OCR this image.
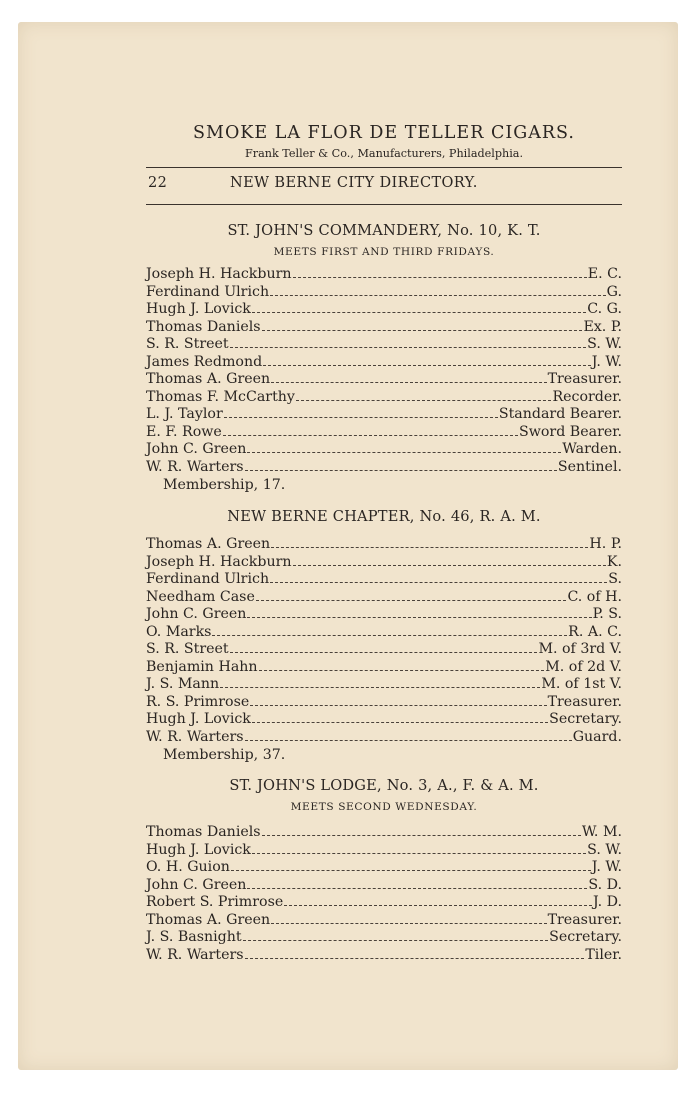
SMOKE LA FLOR DE TELLER CIGARS.
Frank Teller & Co., Manufacturers, Philadelphia.
22	NEW BERNE CITY DIRECTORY.
ST. JOHN'S COMMANDERY, No. 10, K. T.
MEETS FIRST AND THIRD FRIDAYS.
Joseph H. Hackburn	E. C.
Ferdinand Ulrich	G.
Hugh J. Lovick	C. G.
Thomas Daniels	Ex. P.
S. R. Street	S. W.
James Redmond	J. W.
Thomas A. Green	Treasurer.
Thomas F. McCarthy	Recorder.
L. J. Taylor	Standard Bearer.
E. F. Rowe	Sword Bearer.
John C. Green	Warden.
W. R. Warters	Sentinel.
Membership, 17.
NEW BERNE CHAPTER, No. 46, R. A. M.
Thomas A. Green	H. P.
Joseph H. Hackburn	K.
Ferdinand Ulrich	S.
Needham Case	C. of H.
John C. Green	P. S.
O. Marks	R. A. C.
S. R. Street	M. of 3rd V.
Benjamin Hahn	M. of 2d V.
J. S. Mann	M. of 1st V.
R. S. Primrose	Treasurer.
Hugh J. Lovick	Secretary.
W. R. Warters	Guard.
Membership, 37.
ST. JOHN'S LODGE, No. 3, A., F. & A. M.
MEETS SECOND WEDNESDAY.
Thomas Daniels	W. M.
Hugh J. Lovick	S. W.
O. H. Guion	J. W.
John C. Green	S. D.
Robert S. Primrose	J. D.
Thomas A. Green	Treasurer.
J. S. Basnight	Secretary.
W. R. Warters	Tiler.
